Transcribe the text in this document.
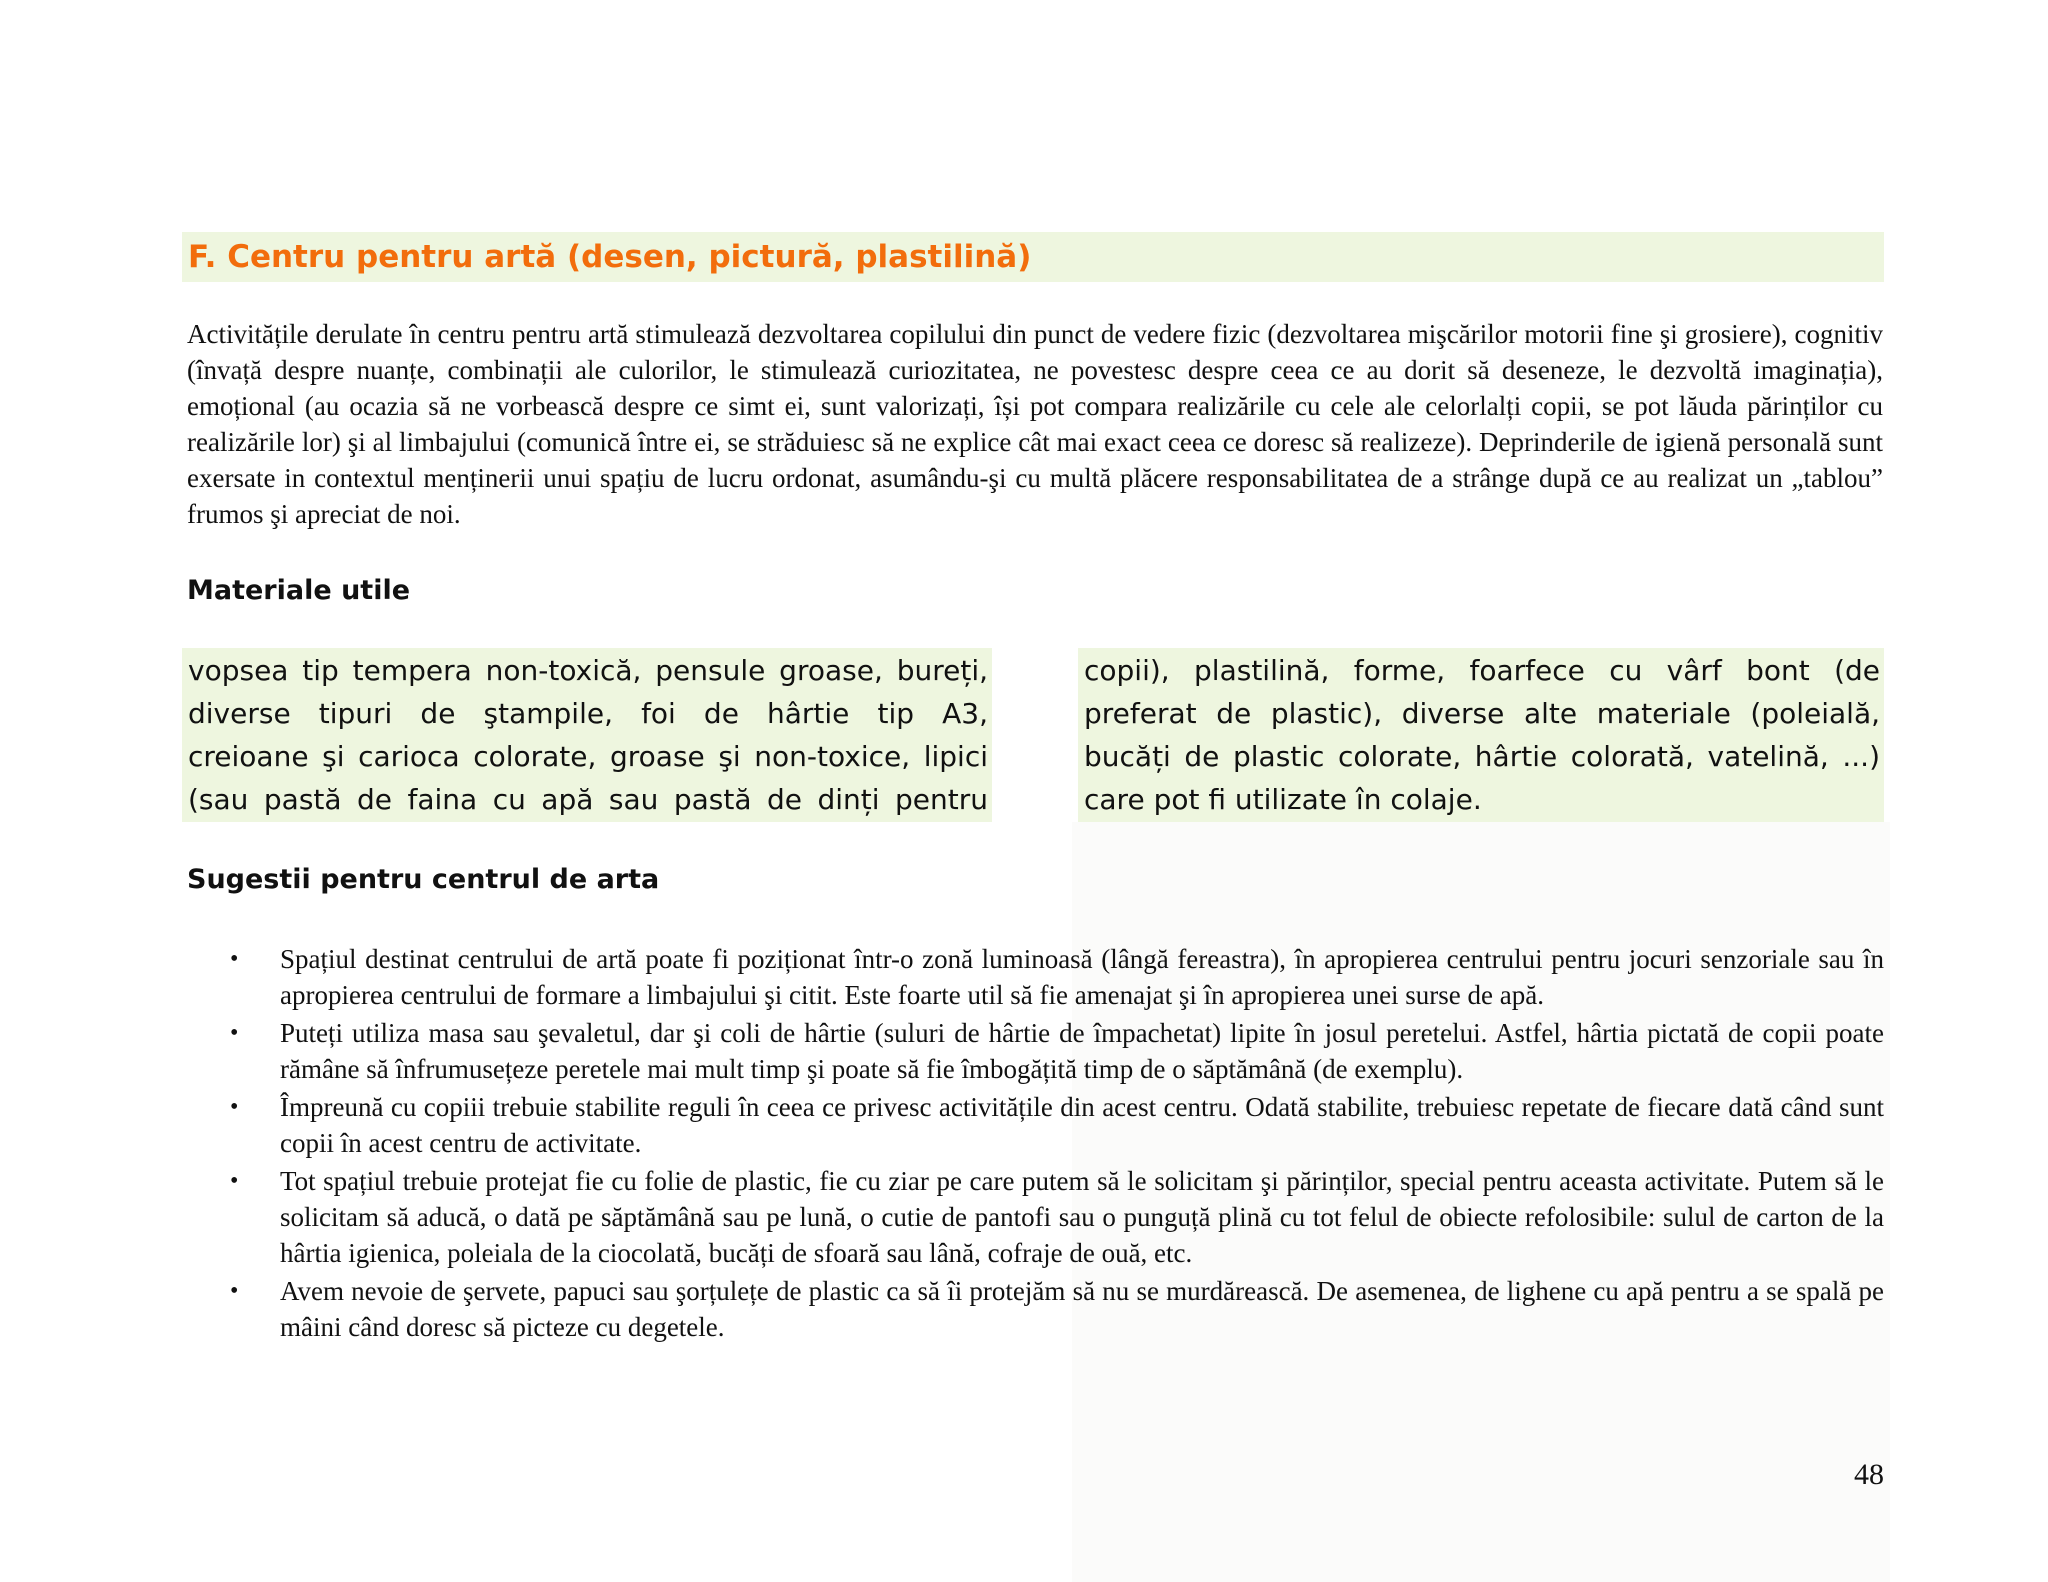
F. Centru pentru artă (desen, pictură, plastilină)

Activitățile derulate în centru pentru artă stimulează dezvoltarea copilului din punct de vedere fizic (dezvoltarea mişcărilor motorii fine şi grosiere), cognitiv (învață despre nuanțe, combinații ale culorilor, le stimulează curiozitatea, ne povestesc despre ceea ce au dorit să deseneze, le dezvoltă imaginația), emoțional (au ocazia să ne vorbească despre ce simt ei, sunt valorizați, își pot compara realizările cu cele ale celorlalți copii, se pot lăuda părinților cu realizările lor) şi al limbajului (comunică între ei, se străduiesc să ne explice cât mai exact ceea ce doresc să realizeze). Deprinderile de igienă personală sunt exersate in contextul menținerii unui spațiu de lucru ordonat, asumându-şi cu multă plăcere responsabilitatea de a strânge după ce au realizat un „tablou” frumos şi apreciat de noi.

Materiale utile
vopsea tip tempera non-toxică, pensule groase, bureți,
diverse tipuri de ştampile, foi de hârtie tip A3,
creioane şi carioca colorate, groase şi non-toxice, lipici
(sau pastă de faina cu apă sau pastă de dinți pentru
copii), plastilină, forme, foarfece cu vârf bont (de
preferat de plastic), diverse alte materiale (poleială,
bucăți de plastic colorate, hârtie colorată, vatelină, ...)
care pot fi utilizate în colaje.
Sugestii pentru centrul de arta
•	Spațiul destinat centrului de artă poate fi poziționat într-o zonă luminoasă (lângă fereastra), în apropierea centrului pentru jocuri senzoriale sau în apropierea centrului de formare a limbajului şi citit. Este foarte util să fie amenajat şi în apropierea unei surse de apă.
•	Puteți utiliza masa sau şevaletul, dar şi coli de hârtie (suluri de hârtie de împachetat) lipite în josul peretelui. Astfel, hârtia pictată de copii poate rămâne să înfrumusețeze peretele mai mult timp şi poate să fie îmbogățită timp de o săptămână (de exemplu).
•	Împreună cu copiii trebuie stabilite reguli în ceea ce privesc activitățile din acest centru. Odată stabilite, trebuiesc repetate de fiecare dată când sunt copii în acest centru de activitate.
•	Tot spațiul trebuie protejat fie cu folie de plastic, fie cu ziar pe care putem să le solicitam şi părinților, special pentru aceasta activitate. Putem să le solicitam să aducă, o dată pe săptămână sau pe lună, o cutie de pantofi sau o punguță plină cu tot felul de obiecte refolosibile: sulul de carton de la hârtia igienica, poleiala de la ciocolată, bucăți de sfoară sau lână, cofraje de ouă, etc.
•	Avem nevoie de şervete, papuci sau şorțulețe de plastic ca să îi protejăm să nu se murdărească. De asemenea, de lighene cu apă pentru a se spală pe mâini când doresc să picteze cu degetele.
48
